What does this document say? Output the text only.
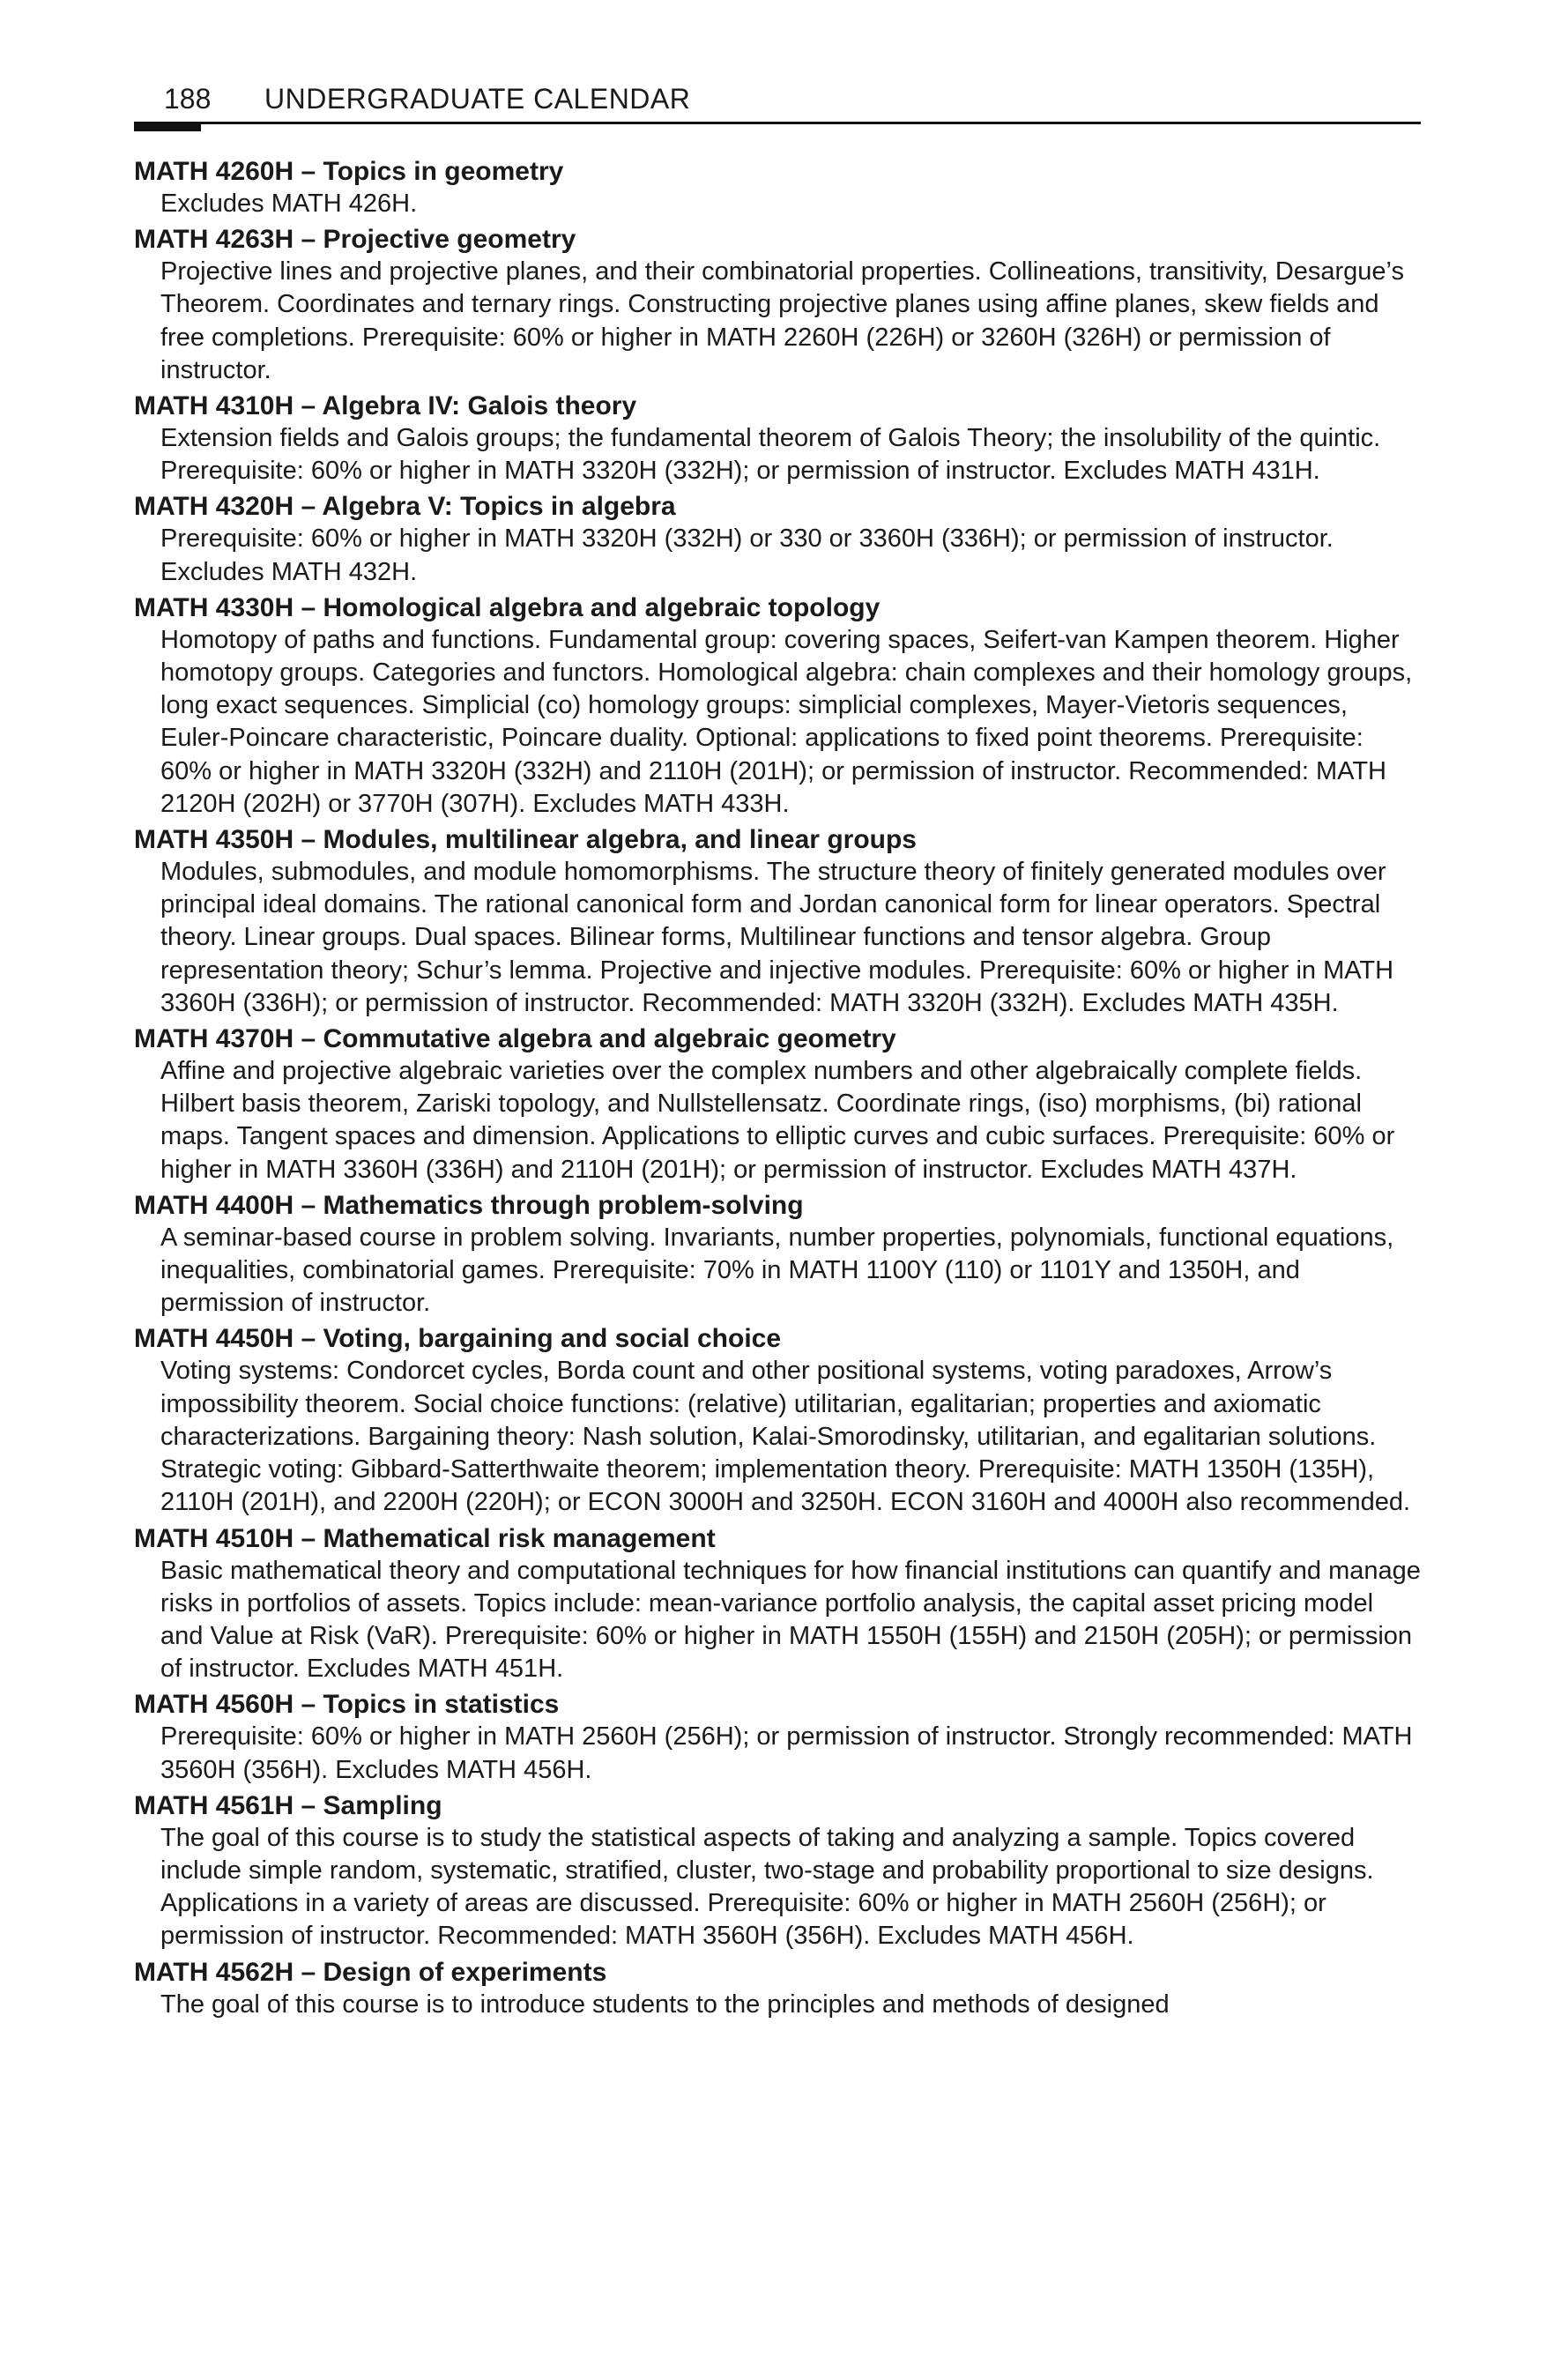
188 UNDERGRADUATE CALENDAR

MATH 4260H – Topics in geometry

Excludes MATH 426H.

MATH 4263H – Projective geometry

Projective lines and projective planes, and their combinatorial properties. Collineations, transitivity, Desargue’s Theorem. Coordinates and ternary rings. Constructing projective planes using affine planes, skew fields and free completions. Prerequisite: 60% or higher in MATH 2260H (226H) or 3260H (326H) or permission of instructor.

MATH 4310H – Algebra IV: Galois theory

Extension fields and Galois groups; the fundamental theorem of Galois Theory; the insolubility of the quintic. Prerequisite: 60% or higher in MATH 3320H (332H); or permission of instructor. Excludes MATH 431H.

MATH 4320H – Algebra V: Topics in algebra

Prerequisite: 60% or higher in MATH 3320H (332H) or 330 or 3360H (336H); or permission of instructor. Excludes MATH 432H.

MATH 4330H – Homological algebra and algebraic topology

Homotopy of paths and functions. Fundamental group: covering spaces, Seifert-van Kampen theorem. Higher homotopy groups. Categories and functors. Homological algebra: chain complexes and their homology groups, long exact sequences. Simplicial (co) homology groups: simplicial complexes, Mayer-Vietoris sequences, Euler-Poincare characteristic, Poincare duality. Optional: applications to fixed point theorems. Prerequisite: 60% or higher in MATH 3320H (332H) and 2110H (201H); or permission of instructor. Recommended: MATH 2120H (202H) or 3770H (307H). Excludes MATH 433H.

MATH 4350H – Modules, multilinear algebra, and linear groups

Modules, submodules, and module homomorphisms. The structure theory of finitely generated modules over principal ideal domains. The rational canonical form and Jordan canonical form for linear operators. Spectral theory. Linear groups. Dual spaces. Bilinear forms, Multilinear functions and tensor algebra. Group representation theory; Schur’s lemma. Projective and injective modules. Prerequisite: 60% or higher in MATH 3360H (336H); or permission of instructor. Recommended: MATH 3320H (332H). Excludes MATH 435H.

MATH 4370H – Commutative algebra and algebraic geometry

Affine and projective algebraic varieties over the complex numbers and other algebraically complete fields. Hilbert basis theorem, Zariski topology, and Nullstellensatz. Coordinate rings, (iso) morphisms, (bi) rational maps. Tangent spaces and dimension. Applications to elliptic curves and cubic surfaces. Prerequisite: 60% or higher in MATH 3360H (336H) and 2110H (201H); or permission of instructor. Excludes MATH 437H.

MATH 4400H – Mathematics through problem-solving

A seminar-based course in problem solving. Invariants, number properties, polynomials, functional equations, inequalities, combinatorial games. Prerequisite: 70% in MATH 1100Y (110) or 1101Y and 1350H, and permission of instructor.

MATH 4450H – Voting, bargaining and social choice

Voting systems: Condorcet cycles, Borda count and other positional systems, voting paradoxes, Arrow’s impossibility theorem. Social choice functions: (relative) utilitarian, egalitarian; properties and axiomatic characterizations. Bargaining theory: Nash solution, Kalai-Smorodinsky, utilitarian, and egalitarian solutions. Strategic voting: Gibbard-Satterthwaite theorem; implementation theory. Prerequisite: MATH 1350H (135H), 2110H (201H), and 2200H (220H); or ECON 3000H and 3250H. ECON 3160H and 4000H also recommended.

MATH 4510H – Mathematical risk management

Basic mathematical theory and computational techniques for how financial institutions can quantify and manage risks in portfolios of assets. Topics include: mean-variance portfolio analysis, the capital asset pricing model and Value at Risk (VaR). Prerequisite: 60% or higher in MATH 1550H (155H) and 2150H (205H); or permission of instructor. Excludes MATH 451H.

MATH 4560H – Topics in statistics

Prerequisite: 60% or higher in MATH 2560H (256H); or permission of instructor. Strongly recommended: MATH 3560H (356H). Excludes MATH 456H.

MATH 4561H – Sampling

The goal of this course is to study the statistical aspects of taking and analyzing a sample. Topics covered include simple random, systematic, stratified, cluster, two-stage and probability proportional to size designs. Applications in a variety of areas are discussed. Prerequisite: 60% or higher in MATH 2560H (256H); or permission of instructor. Recommended: MATH 3560H (356H). Excludes MATH 456H.

MATH 4562H – Design of experiments

The goal of this course is to introduce students to the principles and methods of designed
